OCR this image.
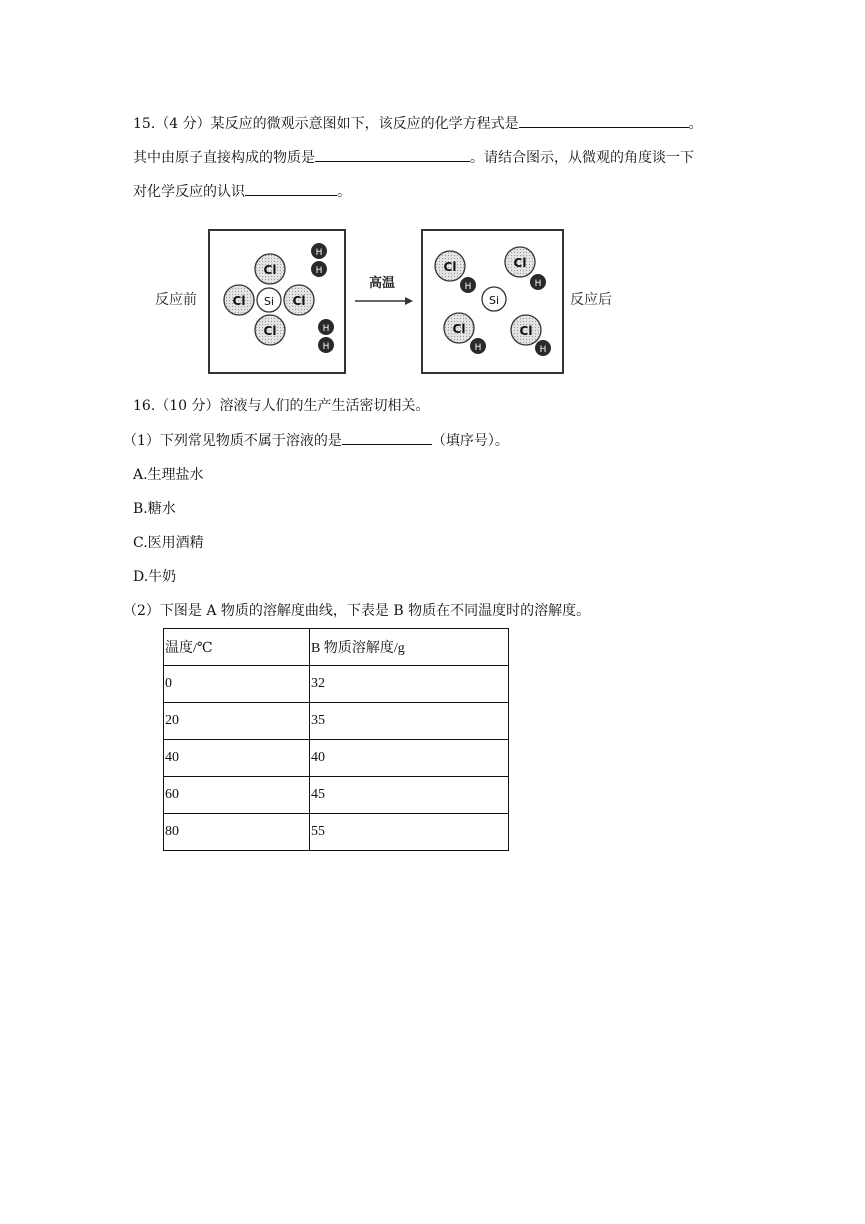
15.（4 分）某反应的微观示意图如下，该反应的化学方程式是	。
其中由原子直接构成的物质是	。请结合图示，从微观的角度谈一下
对化学反应的认识	。
反应前
Cl
Cl	Cl
Cl
Si
H
H
H
H
高温
Cl
H
Cl
H
Cl
H
Cl
H
Si	反应后
16.（10 分）溶液与人们的生产生活密切相关。
（1）下列常见物质不属于溶液的是	（填序号）。
A.生理盐水
B.糖水
C.医用酒精
D.牛奶
（2）下图是 A 物质的溶解度曲线，下表是 B 物质在不同温度时的溶解度。
温度/℃	B 物质溶解度/g
0	32
20	35
40	40
60	45
80	55
